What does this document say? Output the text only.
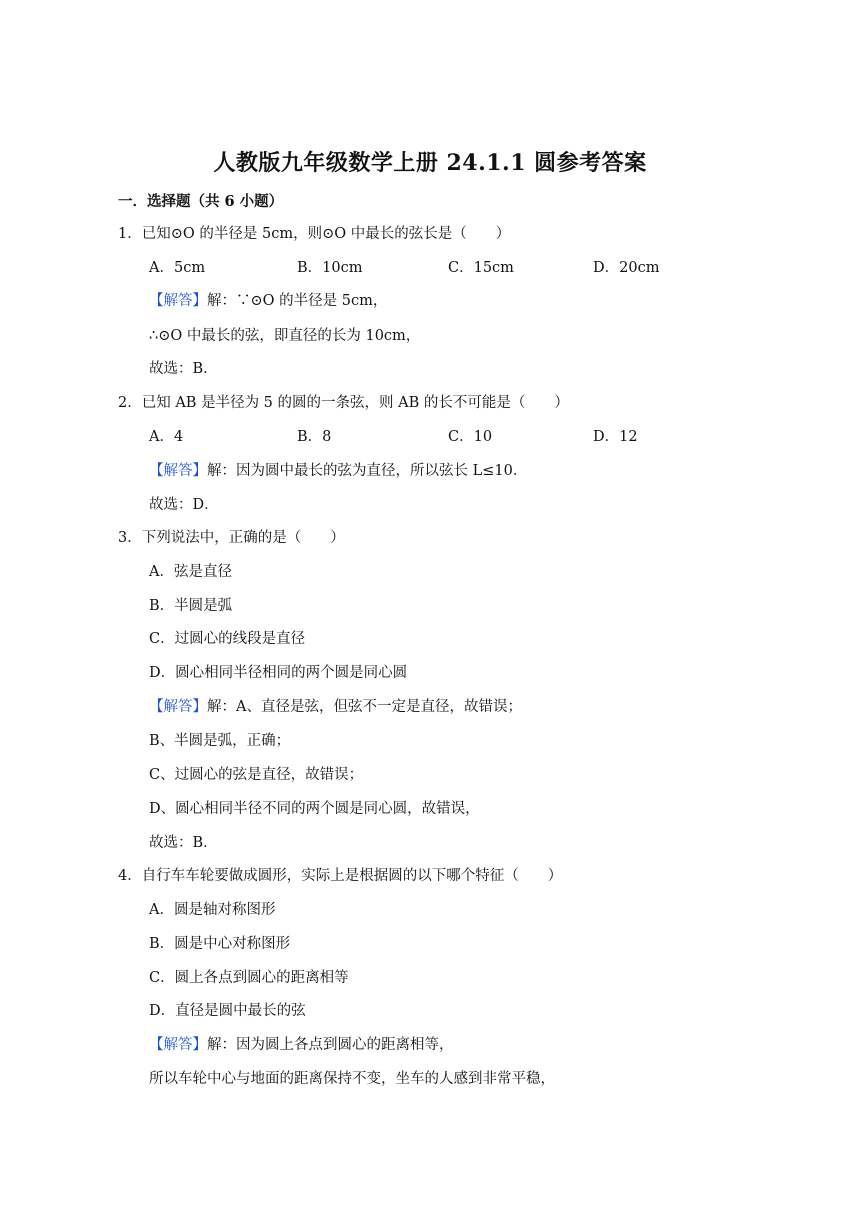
人教版九年级数学上册 24.1.1 圆参考答案
一．选择题（共 6 小题）
1．已知⊙O 的半径是 5cm，则⊙O 中最长的弦长是（　　）
A．5cm	B．10cm	C．15cm	D．20cm
【解答】解：∵⊙O 的半径是 5cm，
∴⊙O 中最长的弦，即直径的长为 10cm，
故选：B．
2．已知 AB 是半径为 5 的圆的一条弦，则 AB 的长不可能是（　　）
A．4	B．8	C．10	D．12
【解答】解：因为圆中最长的弦为直径，所以弦长 L≤10．
故选：D．
3．下列说法中，正确的是（　　）
A．弦是直径
B．半圆是弧
C．过圆心的线段是直径
D．圆心相同半径相同的两个圆是同心圆
【解答】解：A、直径是弦，但弦不一定是直径，故错误；
B、半圆是弧，正确；
C、过圆心的弦是直径，故错误；
D、圆心相同半径不同的两个圆是同心圆，故错误，
故选：B．
4．自行车车轮要做成圆形，实际上是根据圆的以下哪个特征（　　）
A．圆是轴对称图形
B．圆是中心对称图形
C．圆上各点到圆心的距离相等
D．直径是圆中最长的弦
【解答】解：因为圆上各点到圆心的距离相等，
所以车轮中心与地面的距离保持不变，坐车的人感到非常平稳，
